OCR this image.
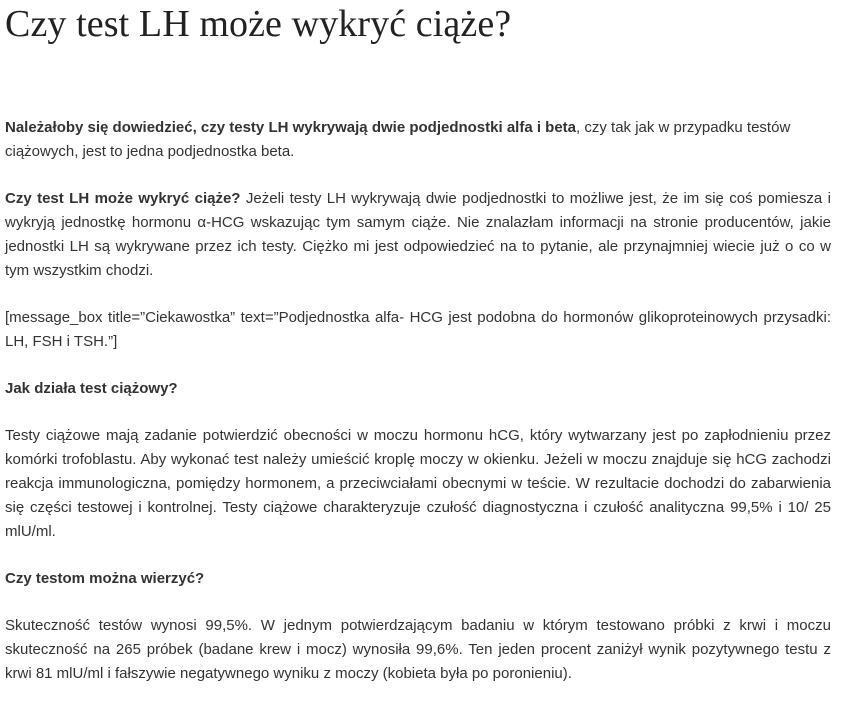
Czy test LH może wykryć ciąże?

Należałoby się dowiedzieć, czy testy LH wykrywają dwie podjednostki alfa i beta, czy tak jak w przypadku testów ciążowych, jest to jedna podjednostka beta.

Czy test LH może wykryć ciąże? Jeżeli testy LH wykrywają dwie podjednostki to możliwe jest, że im się coś pomiesza i wykryją jednostkę hormonu α-HCG wskazując tym samym ciąże. Nie znalazłam informacji na stronie producentów, jakie jednostki LH są wykrywane przez ich testy. Ciężko mi jest odpowiedzieć na to pytanie, ale przynajmniej wiecie już o co w tym wszystkim chodzi.

[message_box title=”Ciekawostka” text=”Podjednostka alfa- HCG jest podobna do hormonów glikoproteinowych przysadki: LH, FSH i TSH.”]

Jak działa test ciążowy?

Testy ciążowe mają zadanie potwierdzić obecności w moczu hormonu hCG, który wytwarzany jest po zapłodnieniu przez komórki trofoblastu. Aby wykonać test należy umieścić kroplę moczy w okienku. Jeżeli w moczu znajduje się hCG zachodzi reakcja immunologiczna, pomiędzy hormonem, a przeciwciałami obecnymi w teście. W rezultacie dochodzi do zabarwienia się części testowej i kontrolnej. Testy ciążowe charakteryzuje czułość diagnostyczna i czułość analityczna 99,5% i 10/ 25 mlU/ml.

Czy testom można wierzyć?

Skuteczność testów wynosi 99,5%. W jednym potwierdzającym badaniu w którym testowano próbki z krwi i moczu skuteczność na 265 próbek (badane krew i mocz) wynosiła 99,6%. Ten jeden procent zaniżył wynik pozytywnego testu z krwi 81 mlU/ml i fałszywie negatywnego wyniku z moczy (kobieta była po poronieniu).
